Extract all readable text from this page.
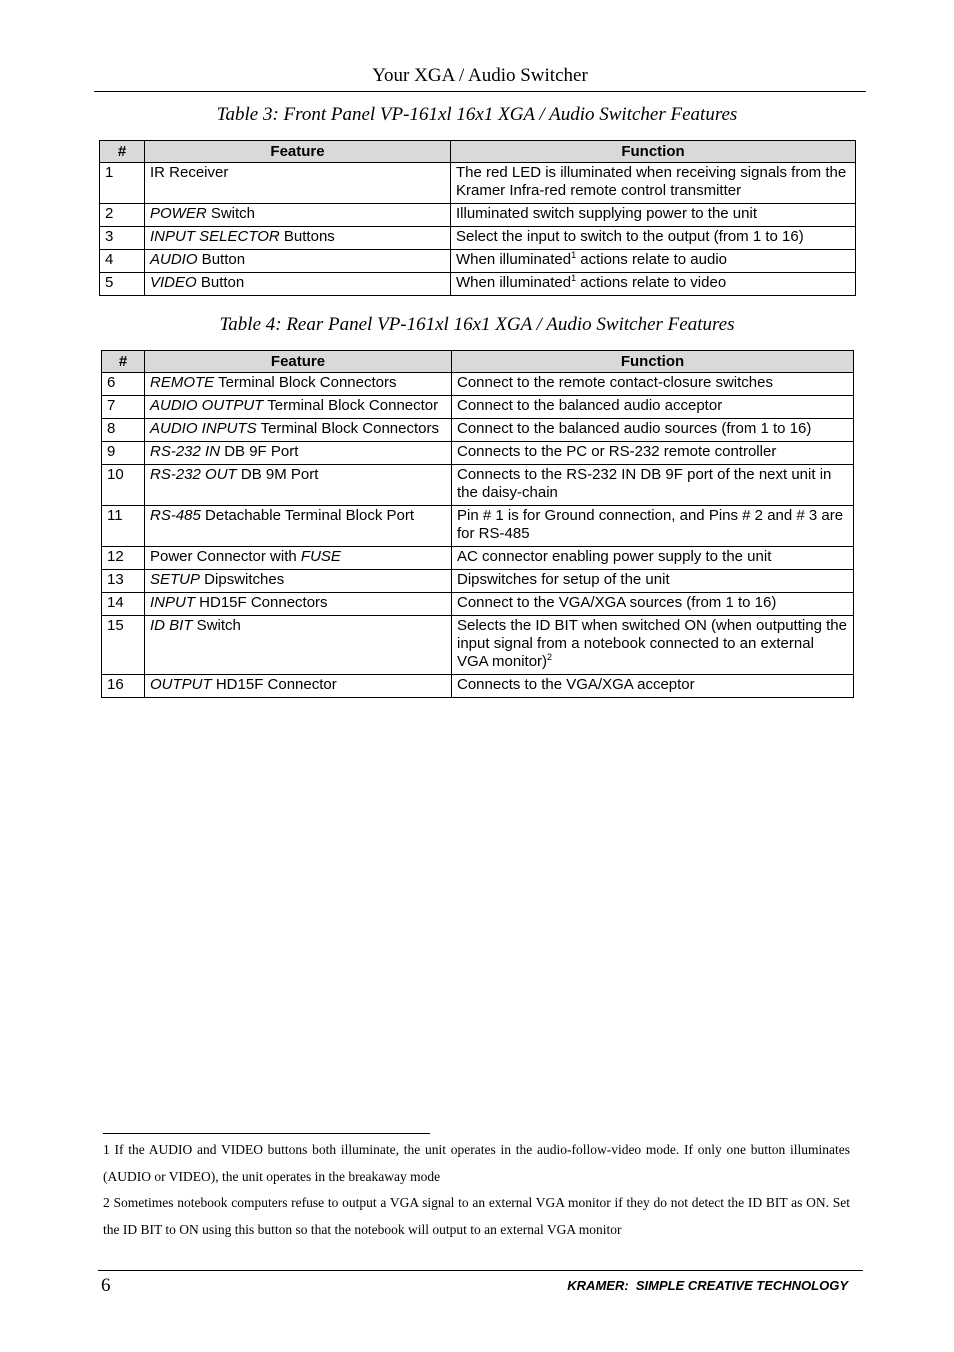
Your XGA / Audio Switcher
Table 3: Front Panel VP-161xl 16x1 XGA / Audio Switcher Features
#	Feature	Function
1	IR Receiver	The red LED is illuminated when receiving signals from the Kramer Infra-red remote control transmitter
2	POWER Switch	Illuminated switch supplying power to the unit
3	INPUT SELECTOR Buttons	Select the input to switch to the output (from 1 to 16)
4	AUDIO Button	When illuminated$^1$ actions relate to audio
5	VIDEO Button	When illuminated$^1$ actions relate to video
Table 4: Rear Panel VP-161xl 16x1 XGA / Audio Switcher Features
#	Feature	Function
6	REMOTE Terminal Block Connectors	Connect to the remote contact-closure switches
7	AUDIO OUTPUT Terminal Block Connector	Connect to the balanced audio acceptor
8	AUDIO INPUTS Terminal Block Connectors	Connect to the balanced audio sources (from 1 to 16)
9	RS-232 IN DB 9F Port	Connects to the PC or RS-232 remote controller
10	RS-232 OUT DB 9M Port	Connects to the RS-232 IN DB 9F port of the next unit in the daisy-chain
11	RS-485 Detachable Terminal Block Port	Pin # 1 is for Ground connection, and Pins # 2 and # 3 are for RS-485
12	Power Connector with FUSE	AC connector enabling power supply to the unit
13	SETUP Dipswitches	Dipswitches for setup of the unit
14	INPUT HD15F Connectors	Connect to the VGA/XGA sources (from 1 to 16)
15	ID BIT Switch	Selects the ID BIT when switched ON (when outputting the input signal from a notebook connected to an external VGA monitor)$^2$
16	OUTPUT HD15F Connector	Connects to the VGA/XGA acceptor

1 If the AUDIO and VIDEO buttons both illuminate, the unit operates in the audio-follow-video mode. If only one button illuminates (AUDIO or VIDEO), the unit operates in the breakaway mode

2 Sometimes notebook computers refuse to output a VGA signal to an external VGA monitor if they do not detect the ID BIT as ON. Set the ID BIT to ON using this button so that the notebook will output to an external VGA monitor

6	KRAMER:  SIMPLE CREATIVE TECHNOLOGY
